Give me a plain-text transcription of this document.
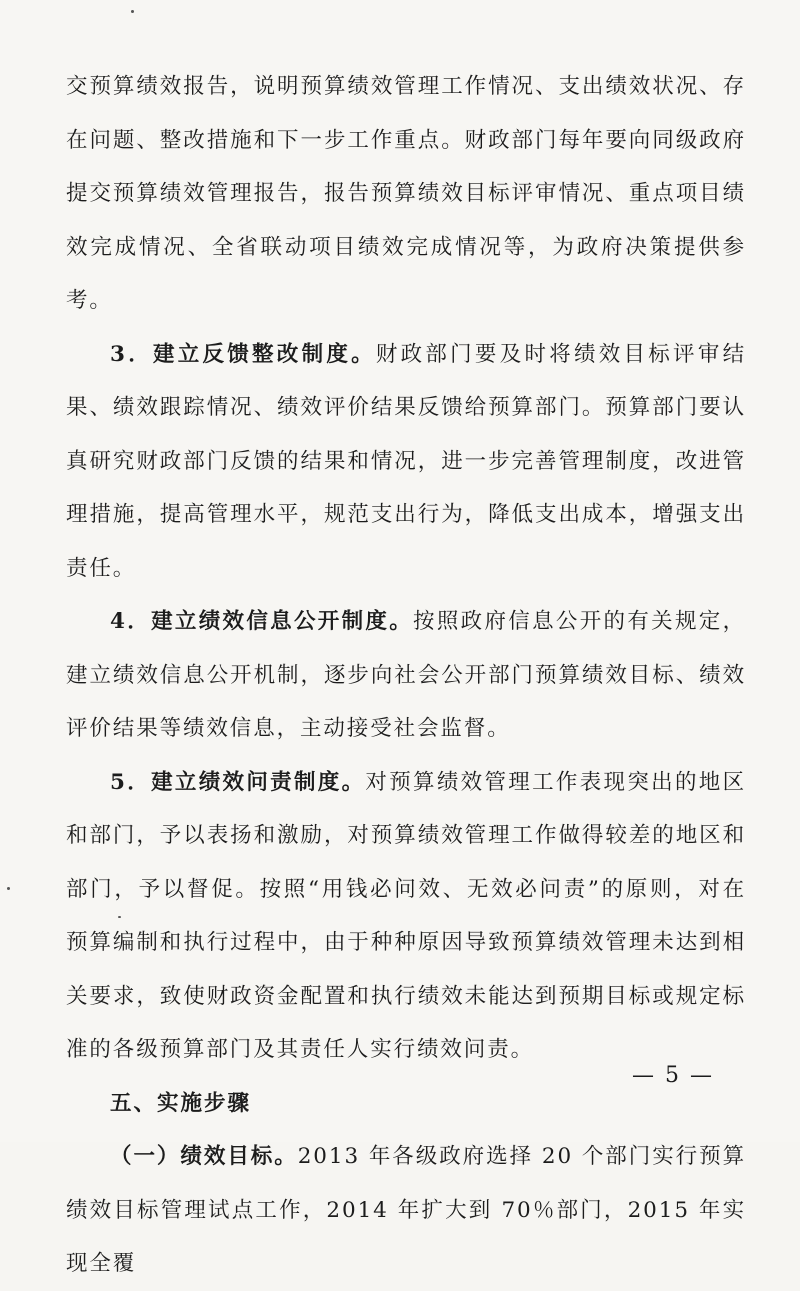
交预算绩效报告，说明预算绩效管理工作情况、支出绩效状况、存在问题、整改措施和下一步工作重点。财政部门每年要向同级政府提交预算绩效管理报告，报告预算绩效目标评审情况、重点项目绩效完成情况、全省联动项目绩效完成情况等，为政府决策提供参考。

3．建立反馈整改制度。财政部门要及时将绩效目标评审结果、绩效跟踪情况、绩效评价结果反馈给预算部门。预算部门要认真研究财政部门反馈的结果和情况，进一步完善管理制度，改进管理措施，提高管理水平，规范支出行为，降低支出成本，增强支出责任。

4．建立绩效信息公开制度。按照政府信息公开的有关规定，建立绩效信息公开机制，逐步向社会公开部门预算绩效目标、绩效评价结果等绩效信息，主动接受社会监督。

5．建立绩效问责制度。对预算绩效管理工作表现突出的地区和部门，予以表扬和激励，对预算绩效管理工作做得较差的地区和部门，予以督促。按照“用钱必问效、无效必问责”的原则，对在预算编制和执行过程中，由于种种原因导致预算绩效管理未达到相关要求，致使财政资金配置和执行绩效未能达到预期目标或规定标准的各级预算部门及其责任人实行绩效问责。

五、实施步骤

（一）绩效目标。2013 年各级政府选择 20 个部门实行预算绩效目标管理试点工作，2014 年扩大到 70％部门，2015 年实现全覆

— 5 —
